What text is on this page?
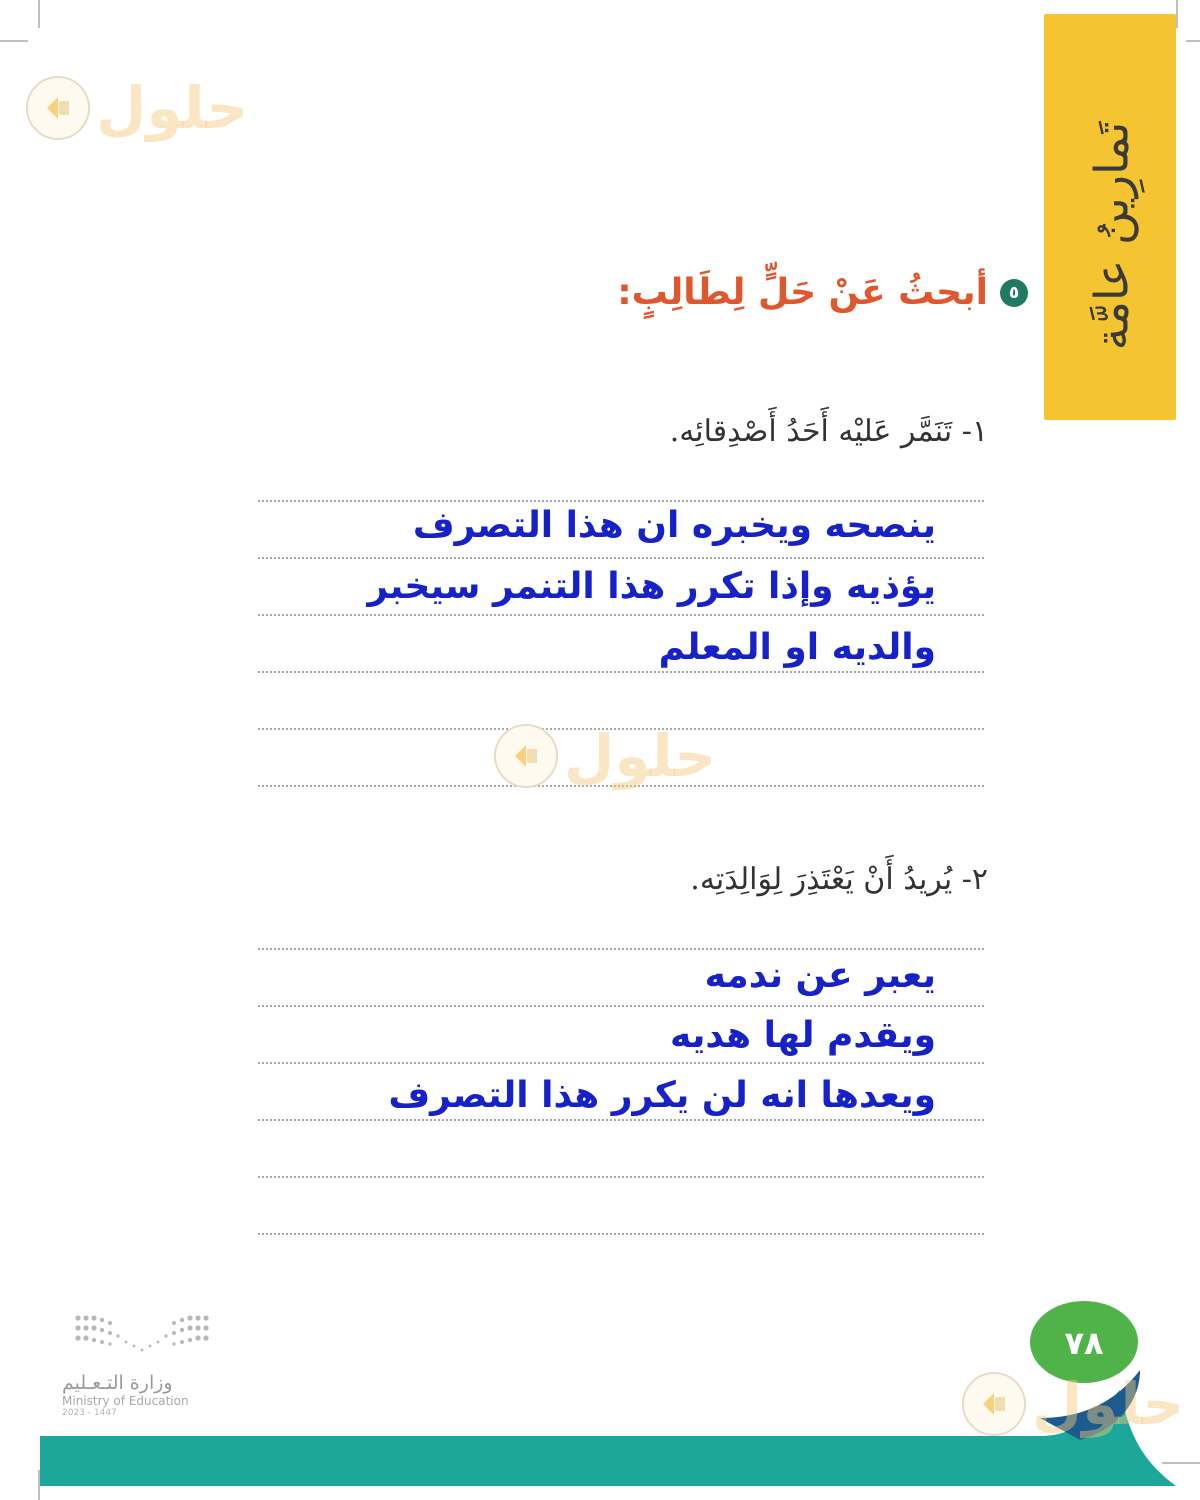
تَمارِينُ عامَّة
حلول
٥
أبحثُ عَنْ حَلٍّ لِطَالِبٍ:
١- تَنَمَّر عَليْه أَحَدُ أَصْدِقائِه.
ينصحه ويخبره ان هذا التصرف
يؤذيه وإذا تكرر هذا التنمر سيخبر
والديه او المعلم
حلول
٢- يُريدُ أَنْ يَعْتَذِرَ لِوَالِدَتِه.
يعبر عن ندمه
ويقدم لها هديه
ويعدها انه لن يكرر هذا التصرف
٧٨
حلول
وزارة التـعـليم
Ministry of Education
2023 - 1447
